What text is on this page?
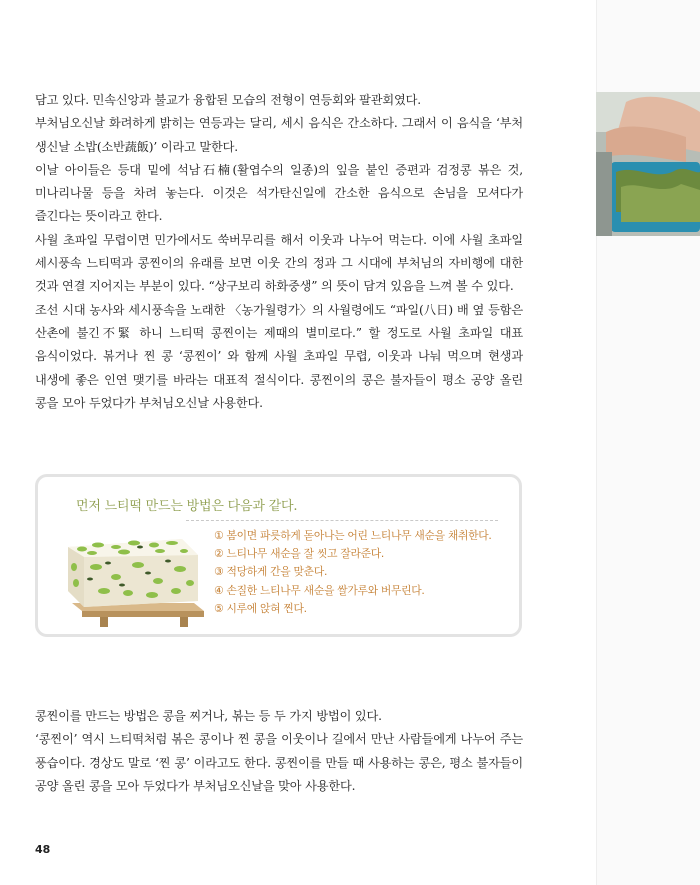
담고 있다. 민속신앙과 불교가 융합된 모습의 전형이 연등회와 팔관회였다.

부처님오신날 화려하게 밝히는 연등과는 달리, 세시 음식은 간소하다. 그래서 이 음식을 ‘부처 생신날 소밥(소반蔬飯)’ 이라고 말한다.

이날 아이들은 등대 밑에 석남石楠(활엽수의 일종)의 잎을 붙인 증편과 검정콩 볶은 것, 미나리나물 등을 차려 놓는다. 이것은 석가탄신일에 간소한 음식으로 손님을 모셔다가 즐긴다는 뜻이라고 한다.

사월 초파일 무렵이면 민가에서도 쑥버무리를 해서 이웃과 나누어 먹는다. 이에 사월 초파일 세시풍속 느티떡과 콩찐이의 유래를 보면 이웃 간의 정과 그 시대에 부처님의 자비행에 대한 것과 연결 지어지는 부분이 있다. “상구보리 하화중생” 의 뜻이 담겨 있음을 느껴 볼 수 있다.

조선 시대 농사와 세시풍속을 노래한 〈농가월령가〉의 사월령에도 “파일(八日) 배 옆 등함은 산촌에 불긴不緊 하니 느티떡 콩찐이는 제때의 별미로다.” 할 정도로 사월 초파일 대표 음식이었다. 볶거나 찐 콩 ‘콩찐이’ 와 함께 사월 초파일 무렵, 이웃과 나눠 먹으며 현생과 내생에 좋은 인연 맺기를 바라는 대표적 절식이다. 콩찐이의 콩은 불자들이 평소 공양 올린 콩을 모아 두었다가 부처님오신날 사용한다.

먼저 느티떡 만드는 방법은 다음과 같다.
① 봄이면 파릇하게 돋아나는 어린 느티나무 새순을 채취한다.
② 느티나무 새순을 잘 씻고 잘라준다.
③ 적당하게 간을 맞춘다.
④ 손질한 느티나무 새순을 쌀가루와 버무린다.
⑤ 시루에 앉혀 찐다.

콩찐이를 만드는 방법은 콩을 찌거나, 볶는 등 두 가지 방법이 있다.

‘콩찐이’ 역시 느티떡처럼 볶은 콩이나 찐 콩을 이웃이나 길에서 만난 사람들에게 나누어 주는 풍습이다. 경상도 말로 ‘찐 콩’ 이라고도 한다. 콩찐이를 만들 때 사용하는 콩은, 평소 불자들이 공양 올린 콩을 모아 두었다가 부처님오신날을 맞아 사용한다.

48
